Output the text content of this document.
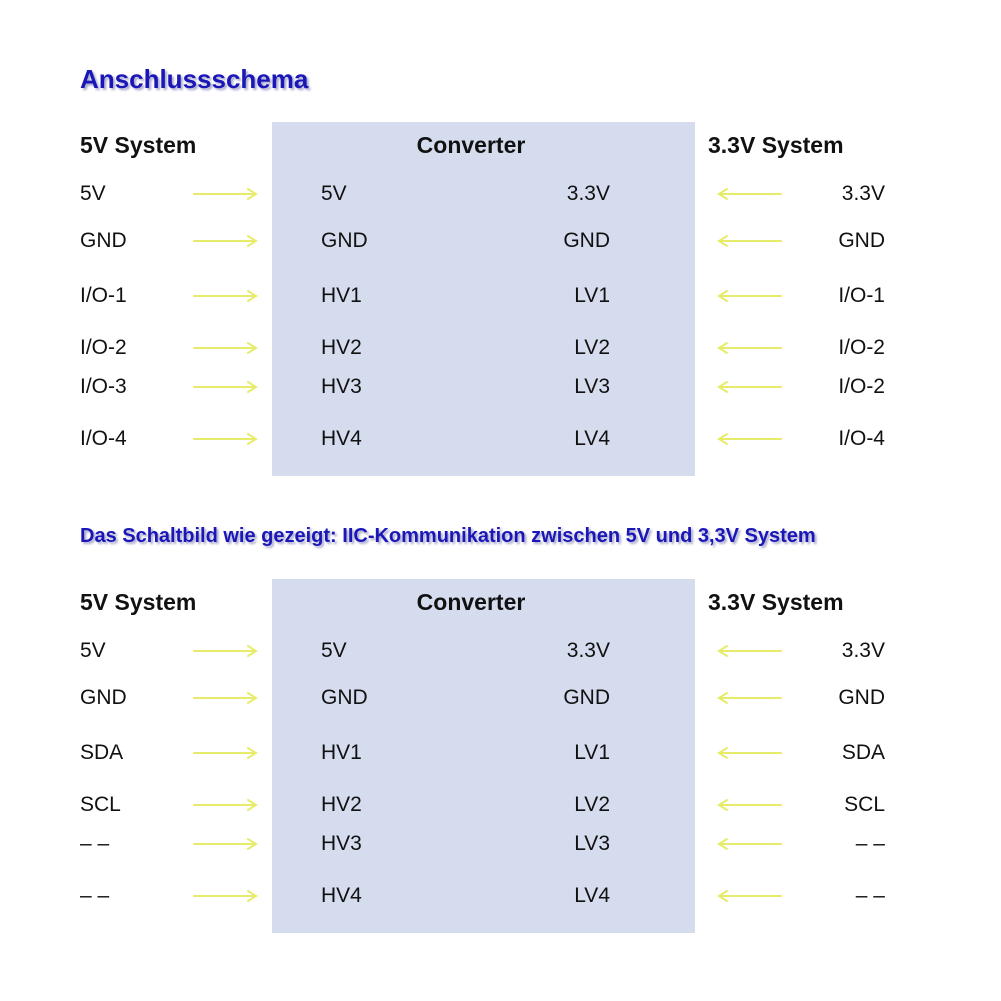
Anschlussschema
Das Schaltbild wie gezeigt: IIC-Kommunikation zwischen 5V und 3,3V System
5V System	Converter	3.3V System
5V	5V	3.3V	3.3V
GND	GND	GND	GND
I/O-1	HV1	LV1	I/O-1
I/O-2	HV2	LV2	I/O-2
I/O-3	HV3	LV3	I/O-2
I/O-4	HV4	LV4	I/O-4
5V System	Converter	3.3V System
5V	5V	3.3V	3.3V
GND	GND	GND	GND
SDA	HV1	LV1	SDA
SCL	HV2	LV2	SCL
– –	HV3	LV3	– –
– –	HV4	LV4	– –
